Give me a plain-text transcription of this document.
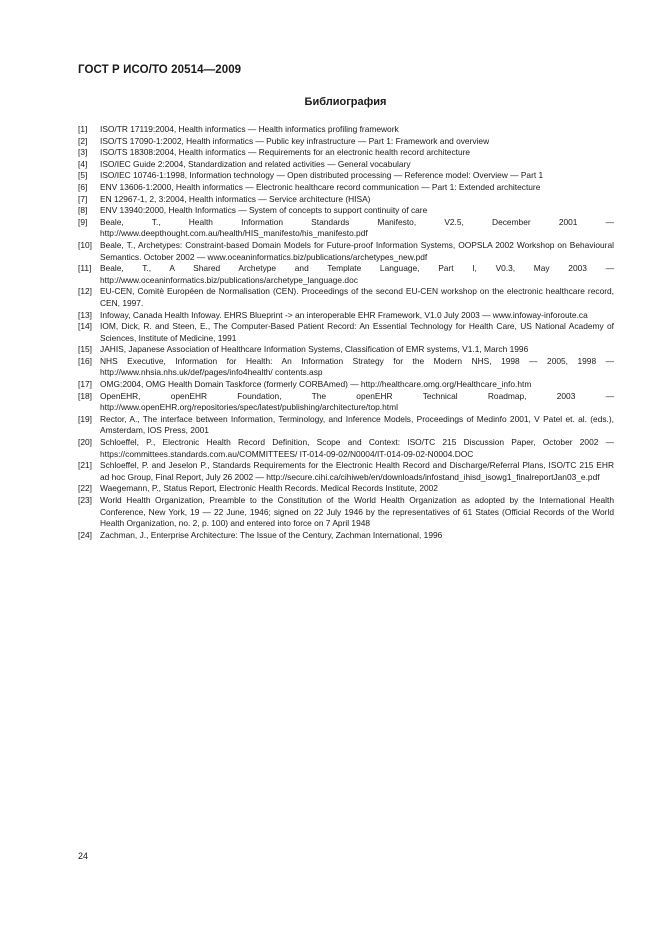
ГОСТ Р ИСО/ТО 20514—2009
Библиография
[1]	ISO/TR 17119:2004, Health informatics — Health informatics profiling framework
[2]	ISO/TS 17090-1:2002, Health informatics — Public key infrastructure — Part 1: Framework and overview
[3]	ISO/TS 18308:2004, Health informatics — Requirements for an electronic health record architecture
[4]	ISO/IEC Guide 2:2004, Standardization and related activities — General vocabulary
[5]	ISO/IEC 10746-1:1998, Information technology — Open distributed processing — Reference model: Overview — Part 1
[6]	ENV 13606-1:2000, Health informatics — Electronic healthcare record communication — Part 1: Extended architecture
[7]	EN 12967-1, 2, 3:2004, Health informatics — Service architecture (HISA)
[8]	ENV 13940:2000, Health Informatics — System of concepts to support continuity of care
[9]	Beale, T., Health Information Standards Manifesto, V2.5, December 2001 — http://www.deepthought.com.au/health/HIS_manifesto/his_manifesto.pdf
[10] Beale, T., Archetypes: Constraint-based Domain Models for Future-proof Information Systems, OOPSLA 2002 Workshop on Behavioural Semantics. October 2002 — www.oceaninformatics.biz/publications/archetypes_new.pdf
[11]	Beale, T., A Shared Archetype and Template Language, Part I, V0.3, May 2003 — http://www.oceaninformatics.biz/publications/archetype_language.doc
[12] EU-CEN, Comitè Européen de Normalisation (CEN). Proceedings of the second EU-CEN workshop on the electronic healthcare record, CEN, 1997.
[13] Infoway, Canada Health Infoway. EHRS Blueprint -> an interoperable EHR Framework, V1.0 July 2003 — www.infoway-inforoute.ca
[14] IOM, Dick, R. and Steen, E., The Computer-Based Patient Record: An Essential Technology for Health Care, US National Academy of Sciences, Institute of Medicine, 1991
[15] JAHIS, Japanese Association of Healthcare Information Systems, Classification of EMR systems, V1.1, March 1996
[16] NHS Executive, Information for Health: An Information Strategy for the Modern NHS, 1998 — 2005, 1998 — http://www.nhsia.nhs.uk/def/pages/info4health/ contents.asp
[17] OMG:2004, OMG Health Domain Taskforce (formerly CORBAmed) — http://healthcare.omg.org/Healthcare_info.htm
[18] OpenEHR, openEHR Foundation, The openEHR Technical Roadmap, 2003 — http://www.openEHR.org/repositories/spec/latest/publishing/architecture/top.html
[19] Rector, A., The interface between Information, Terminology, and Inference Models, Proceedings of Medinfo 2001, V Patel et. al. (eds.), Amsterdam, IOS Press, 2001
[20] Schloeffel, P., Electronic Health Record Definition, Scope and Context: ISO/TC 215 Discussion Paper, October 2002 — https://committees.standards.com.au/COMMITTEES/ IT-014-09-02/N0004/IT-014-09-02-N0004.DOC
[21] Schloeffel, P. and Jeselon P., Standards Requirements for the Electronic Health Record and Discharge/Referral Plans, ISO/TC 215 EHR ad hoc Group, Final Report, July 26 2002 — http://secure.cihi.ca/cihiweb/en/downloads/infostand_ihisd_isowg1_finalreportJan03_e.pdf
[22] Waegemann, P., Status Report, Electronic Health Records. Medical Records Institute, 2002
[23] World Health Organization, Preamble to the Constitution of the World Health Organization as adopted by the International Health Conference, New York, 19 — 22 June, 1946; signed on 22 July 1946 by the representatives of 61 States (Official Records of the World Health Organization, no. 2, p. 100) and entered into force on 7 April 1948
[24] Zachman, J., Enterprise Architecture: The Issue of the Century, Zachman International, 1996
24
